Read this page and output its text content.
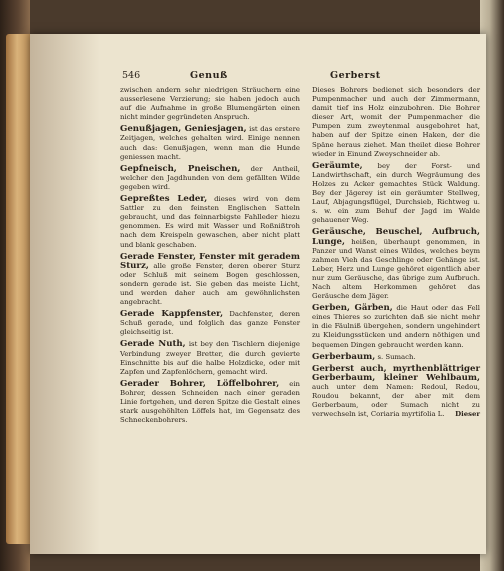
546	Genuß	Gerberst

zwischen andern sehr niedrigen Sträuchern eine ausserlesene Verzierung; sie haben jedoch auch auf die Aufnahme in große Blumengärten einen nicht minder gegründeten Anspruch.

Genußjagen, Geniesjagen, ist das erstere Zeitjagen, welches gehalten wird. Einige nennen auch das: Genußjagen, wenn man die Hunde geniessen macht.

Gepfneisch, Pneischen, der Antheil, welcher den Jagdhunden von dem gefällten Wilde gegeben wird.

Gepreßtes Leder, dieses wird von dem Sattler zu den feinsten Englischen Satteln gebraucht, und das feinnarbigste Fahlleder hiezu genommen. Es wird mit Wasser und Roßnißtroh nach dem Kreispeln gewaschen, aber nicht platt und blank geschaben.

Gerade Fenster, Fenster mit geradem Sturz, alle große Fenster, deren oberer Sturz oder Schluß mit seinem Bogen geschlossen, sondern gerade ist. Sie geben das meiste Licht, und werden daher auch am gewöhnlichsten angebracht.

Gerade Kappfenster, Dachfenster, deren Schuß gerade, und folglich das ganze Fenster gleichseitig ist.

Gerade Nuth, ist bey den Tischlern diejenige Verbindung zweyer Bretter, die durch gevierte Einschnitte bis auf die halbe Holzdicke, oder mit Zapfen und Zapfenlöchern, gemacht wird.

Gerader Bohrer, Löffelbohrer, ein Bohrer, dessen Schneiden nach einer geraden Linie fortgehen, und deren Spitze die Gestalt eines stark ausgehöhlten Löffels hat, im Gegensatz des Schneckenbohrers.

Dieses Bohrers bedienet sich besonders der Pumpenmacher und auch der Zimmermann, damit tief ins Holz einzubohren. Die Bohrer dieser Art, womit der Pumpenmacher die Pumpen zum zweytenmal ausgebohret hat, haben auf der Spitze einen Haken, der die Späne heraus ziehet. Man theilet diese Bohrer wieder in Einund Zweyschneider ab.

Geräumte, bey der Forst- und Landwirthschaft, ein durch Wegräumung des Holzes zu Acker gemachtes Stück Waldung. Bey der Jägerey ist ein geräumter Stellweg, Lauf, Abjagungsflügel, Durchsieb, Richtweg u. s. w. ein zum Behuf der Jagd im Walde gehauener Weg.

Geräusche, Beuschel, Aufbruch, Lunge, heißen, überhaupt genommen, in Panzer und Wanst eines Wildes, welches beym zahmen Vieh das Geschlinge oder Gehänge ist. Leber, Herz und Lunge gehöret eigentlich aber nur zum Geräusche, das übrige zum Aufbruch. Nach altem Herkommen gehöret das Geräusche dem Jäger.

Gerben, Gärben, die Haut oder das Fell eines Thieres so zurichten daß sie nicht mehr in die Fäulniß übergehen, sondern ungehindert zu Kleidungsstücken und andern nöthigen und bequemen Dingen gebraucht werden kann.

Gerberbaum, s. Sumach.

Gerberst auch, myrthenblättriger Gerberbaum, kleiner Wehlbaum, auch unter dem Namen: Redoul, Redou, Roudou bekannt, der aber mit dem Gerberbaum, oder Sumach nicht zu verwechseln ist, Coriaria myrtifolia L. Dieser
